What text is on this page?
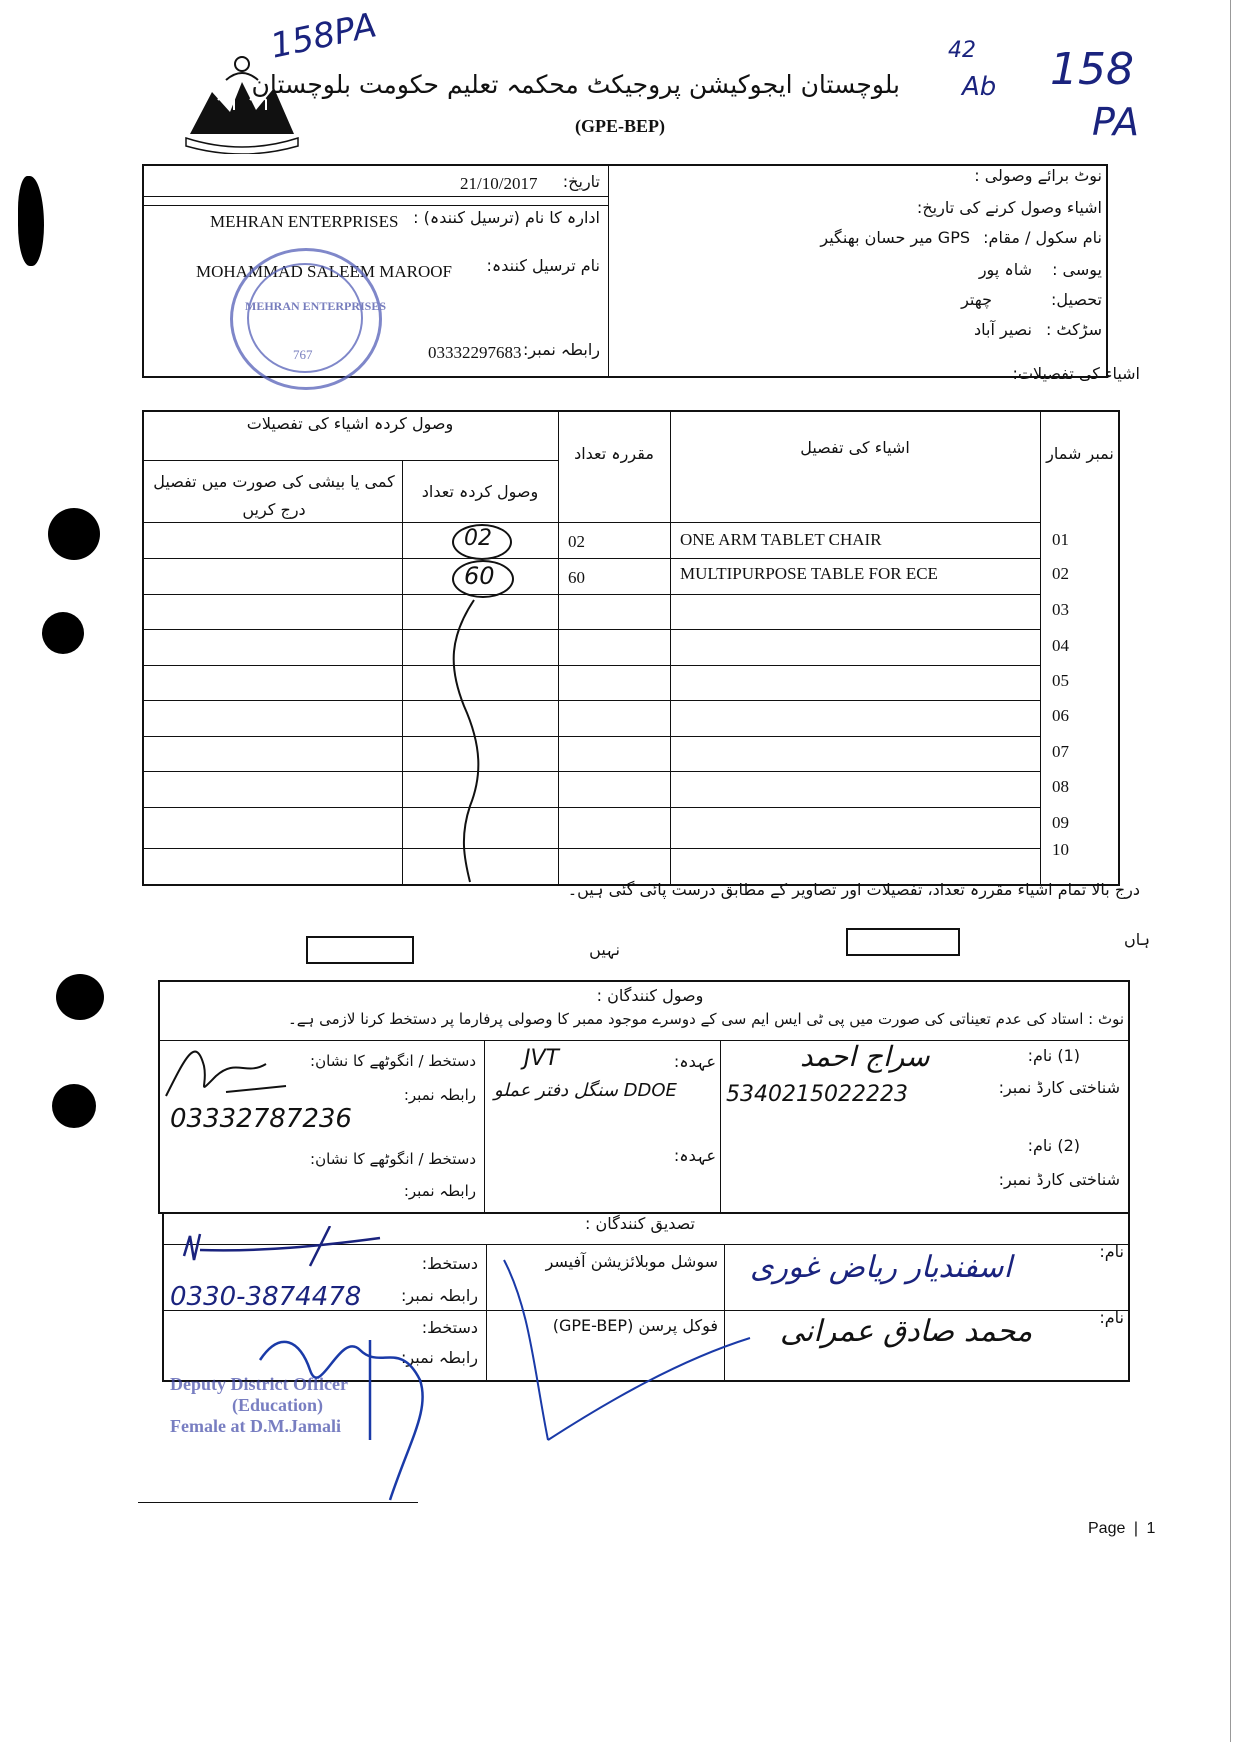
158PA	42
Ab 158
PA
بلوچستان ایجوکیشن پروجیکٹ محکمہ تعلیم حکومت بلوچستان
(GPE-BEP)
نوٹ برائے وصولی :
اشیاء وصول کرنے کی تاریخ:
نام سکول / مقام:
GPS میر حسان بھنگیر
یوسی :
شاہ پور
تحصیل:
چھتر
سڑکٹ :
نصیر آباد
تاریخ:
21/10/2017
ادارہ کا نام (ترسیل کنندہ) :
MEHRAN ENTERPRISES
نام ترسیل کنندہ:
MOHAMMAD SALEEM MAROOF
رابطہ نمبر:
03332297683
MEHRAN ENTERPRISES
767
اشیاء کی تفصیلات:
نمبر شمار
اشیاء کی تفصیل
مقررہ تعداد
وصول کردہ اشیاء کی تفصیلات
وصول کردہ تعداد
کمی یا بیشی کی صورت میں تفصیل درج کریں
01
ONE ARM TABLET CHAIR
02
02
02
MULTIPURPOSE TABLE FOR ECE
60
60
03
04
05
06
07
08
09
10
درج بالا تمام اشیاء مقررہ تعداد، تفصیلات اور تصاویر کے مطابق درست پائی گئی ہیں۔
ہاں
نہیں
وصول کنندگان :
نوٹ : استاد کی عدم تعیناتی کی صورت میں پی ٹی ایس ایم سی کے دوسرے موجود ممبر کا وصولی پرفارما پر دستخط کرنا لازمی ہے۔
(1) نام:
سراج احمد
شناختی کارڈ نمبر:
5340215022223
عہدہ:
JVT
DDOE سنگل دفتر عملو
دستخط / انگوٹھے کا نشان:
رابطہ نمبر:
03332787236
(2) نام:
شناختی کارڈ نمبر:
عہدہ:
دستخط / انگوٹھے کا نشان:
رابطہ نمبر:
تصدیق کنندگان :
نام:
اسفندیار ریاض غوری
سوشل موبلائزیشن آفیسر
دستخط:
رابطہ نمبر:
0330-3874478
نام:
محمد صادق عمرانی
فوکل پرسن (GPE-BEP)
دستخط:
رابطہ نمبر:
Deputy District Officer
(Education)
Female at D.M.Jamali
Page | 1
